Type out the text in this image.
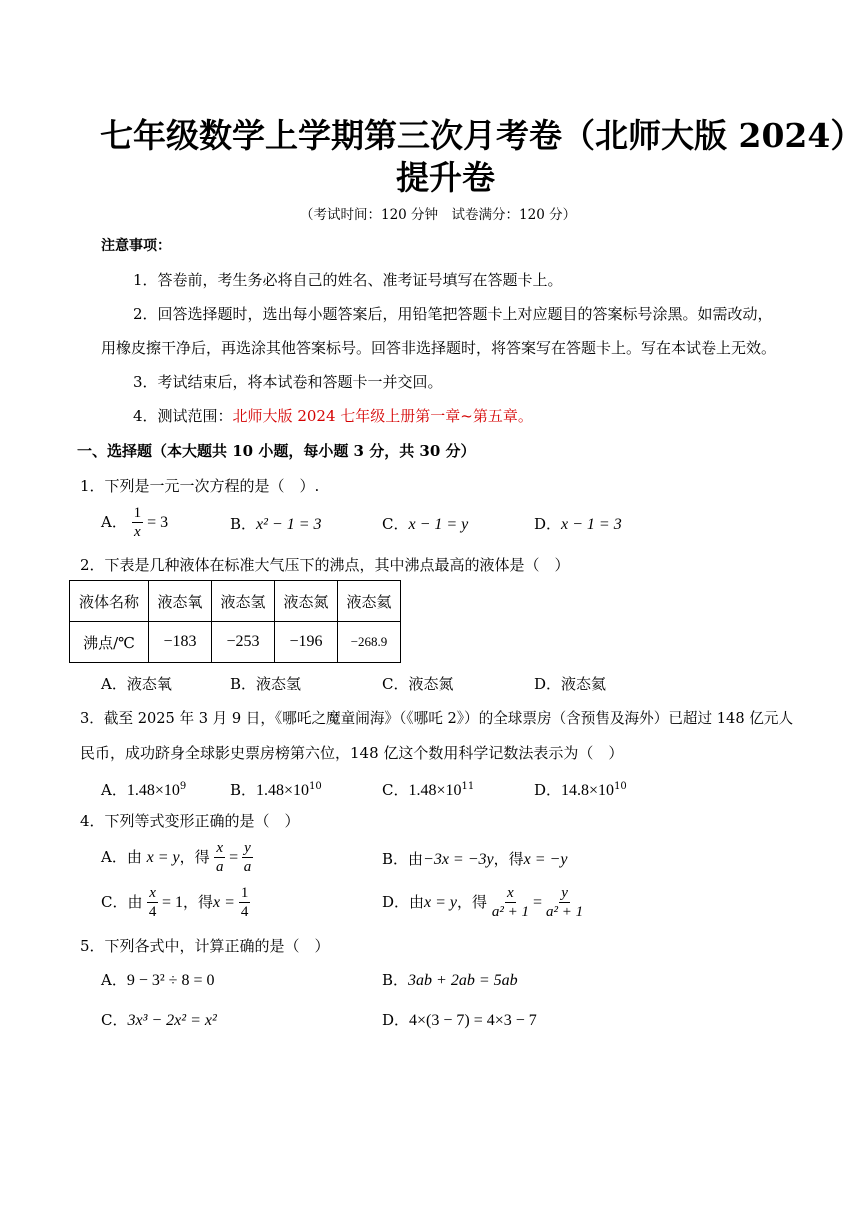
七年级数学上学期第三次月考卷（北师大版 2024）
提升卷
（考试时间：120 分钟　试卷满分：120 分）
注意事项：
1．答卷前，考生务必将自己的姓名、准考证号填写在答题卡上。
2．回答选择题时，选出每小题答案后，用铅笔把答题卡上对应题目的答案标号涂黑。如需改动，
用橡皮擦干净后，再选涂其他答案标号。回答非选择题时，将答案写在答题卡上。写在本试卷上无效。
3．考试结束后，将本试卷和答题卡一并交回。
4．测试范围：北师大版 2024 七年级上册第一章~第五章。
一、选择题（本大题共 10 小题，每小题 3 分，共 30 分）
1．下列是一元一次方程的是（　）.
A． $\frac{1}{x} = 3$	B．x² − 1 = 3	C．x − 1 = y	D．x − 1 = 3
2．下表是几种液体在标准大气压下的沸点，其中沸点最高的液体是（　）
液体名称	液态氧	液态氢	液态氮	液态氦
沸点/℃	−183	−253	−196	−268.9
A．液态氧	B．液态氢	C．液态氮	D．液态氦
3．截至 2025 年 3 月 9 日，《哪吒之魔童闹海》（《哪吒 2》）的全球票房（含预售及海外）已超过 148 亿元人
民币，成功跻身全球影史票房榜第六位，148 亿这个数用科学记数法表示为（　）
A．$1.48\times 10^9$	B．$1.48\times 10^{10}$	C．$1.48\times 10^{11}$	D．$14.8\times 10^{10}$
4．下列等式变形正确的是（　）
A．由 x = y，得 $\frac{x}{a} = \frac{y}{a}$	B．由−3x = −3y，得x = −y
C．由 $\frac{x}{4} = 1$，得$x = \frac{1}{4}$	D．由x = y，得 $\frac{x}{\text{a² + 1}} = \frac{y}{\text{a² + 1}}$
5．下列各式中，计算正确的是（　）
A．9 − 3² ÷ 8 = 0	B．3ab + 2ab = 5ab
C．3x³ − 2x² = x²	D．4×(3 − 7) = 4×3 − 7
